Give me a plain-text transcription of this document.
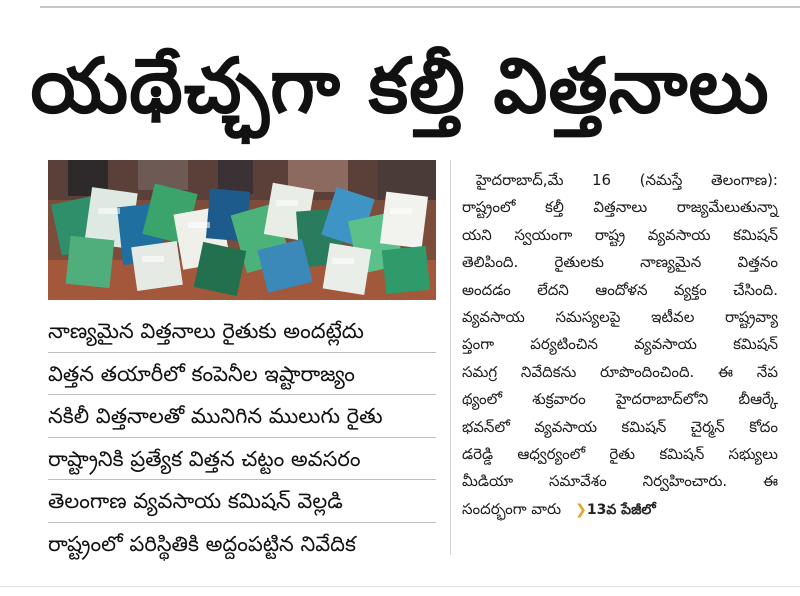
యథేచ్ఛగా కల్తీ విత్తనాలు
నాణ్యమైన విత్తనాలు రైతుకు అందట్లేదు
విత్తన తయారీలో కంపెనీల ఇష్టారాజ్యం
నకిలీ విత్తనాలతో మునిగిన ములుగు రైతు
రాష్ట్రానికి ప్రత్యేక విత్తన చట్టం అవసరం
తెలంగాణ వ్యవసాయ కమిషన్ వెల్లడి
రాష్ట్రంలో పరిస్థితికి అద్దంపట్టిన నివేదిక
హైదరాబాద్,మే 16 (నమస్తే తెలంగాణ):
రాష్ట్రంలో కల్తీ విత్తనాలు రాజ్యమేలుతున్నా
యని స్వయంగా రాష్ట్ర వ్యవసాయ కమిషన్
తెలిపింది. రైతులకు నాణ్యమైన విత్తనం
అందడం లేదని ఆందోళన వ్యక్తం చేసింది.
వ్యవసాయ సమస్యలపై ఇటీవల రాష్ట్రవ్యా
ప్తంగా పర్యటించిన వ్యవసాయ కమిషన్
సమగ్ర నివేదికను రూపొందించింది. ఈ నేప
థ్యంలో శుక్రవారం హైదరాబాద్‌లోని బీఆర్కే
భవన్‌లో వ్యవసాయ కమిషన్ చైర్మన్ కోదం
డరెడ్డి ఆధ్వర్యంలో రైతు కమిషన్ సభ్యులు
మీడియా సమావేశం నిర్వహించారు. ఈ
సందర్భంగా వారు ❯13వ పేజీలో
